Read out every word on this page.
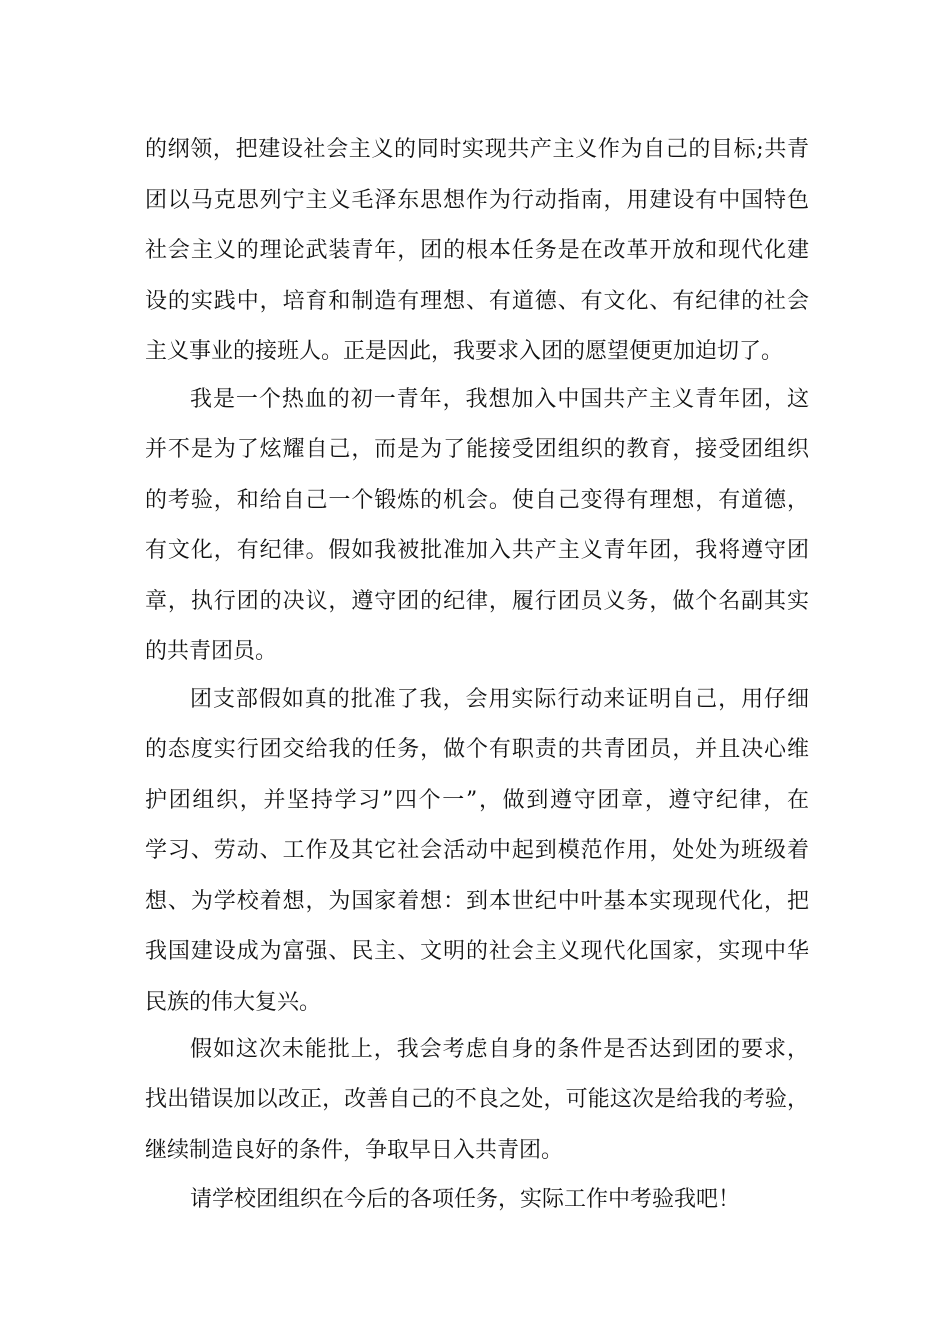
的纲领，把建设社会主义的同时实现共产主义作为自己的目标;共青
团以马克思列宁主义毛泽东思想作为行动指南，用建设有中国特色
社会主义的理论武装青年，团的根本任务是在改革开放和现代化建
设的实践中，培育和制造有理想、有道德、有文化、有纪律的社会
主义事业的接班人。正是因此，我要求入团的愿望便更加迫切了。
我是一个热血的初一青年，我想加入中国共产主义青年团，这
并不是为了炫耀自己，而是为了能接受团组织的教育，接受团组织
的考验，和给自己一个锻炼的机会。使自己变得有理想，有道德，
有文化，有纪律。假如我被批准加入共产主义青年团，我将遵守团
章，执行团的决议，遵守团的纪律，履行团员义务，做个名副其实
的共青团员。
团支部假如真的批准了我，会用实际行动来证明自己，用仔细
的态度实行团交给我的任务，做个有职责的共青团员，并且决心维
护团组织，并坚持学习”四个一”，做到遵守团章，遵守纪律，在
学习、劳动、工作及其它社会活动中起到模范作用，处处为班级着
想、为学校着想，为国家着想：到本世纪中叶基本实现现代化，把
我国建设成为富强、民主、文明的社会主义现代化国家，实现中华
民族的伟大复兴。
假如这次未能批上，我会考虑自身的条件是否达到团的要求，
找出错误加以改正，改善自己的不良之处，可能这次是给我的考验，
继续制造良好的条件，争取早日入共青团。
请学校团组织在今后的各项任务，实际工作中考验我吧！
